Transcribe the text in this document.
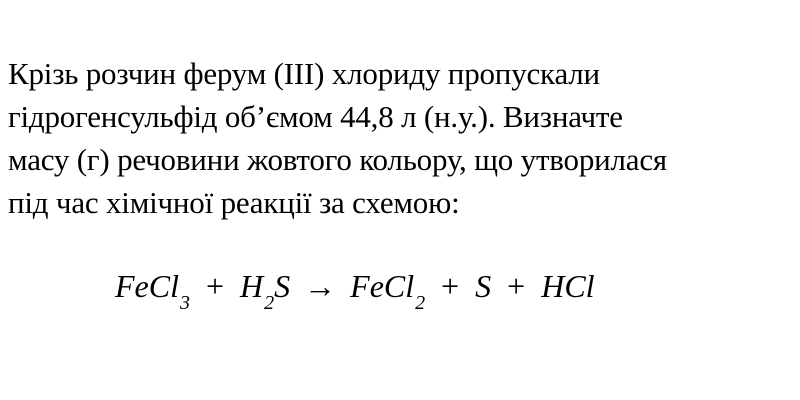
Крізь розчин ферум (ІІІ) хлориду пропускали
гідрогенсульфід об’ємом 44,8 л (н.у.). Визначте
масу (г) речовини жовтого кольору, що утворилася
під час хімічної реакції за схемою:
FeCl3 + H2S → FeCl2 + S + HCl
